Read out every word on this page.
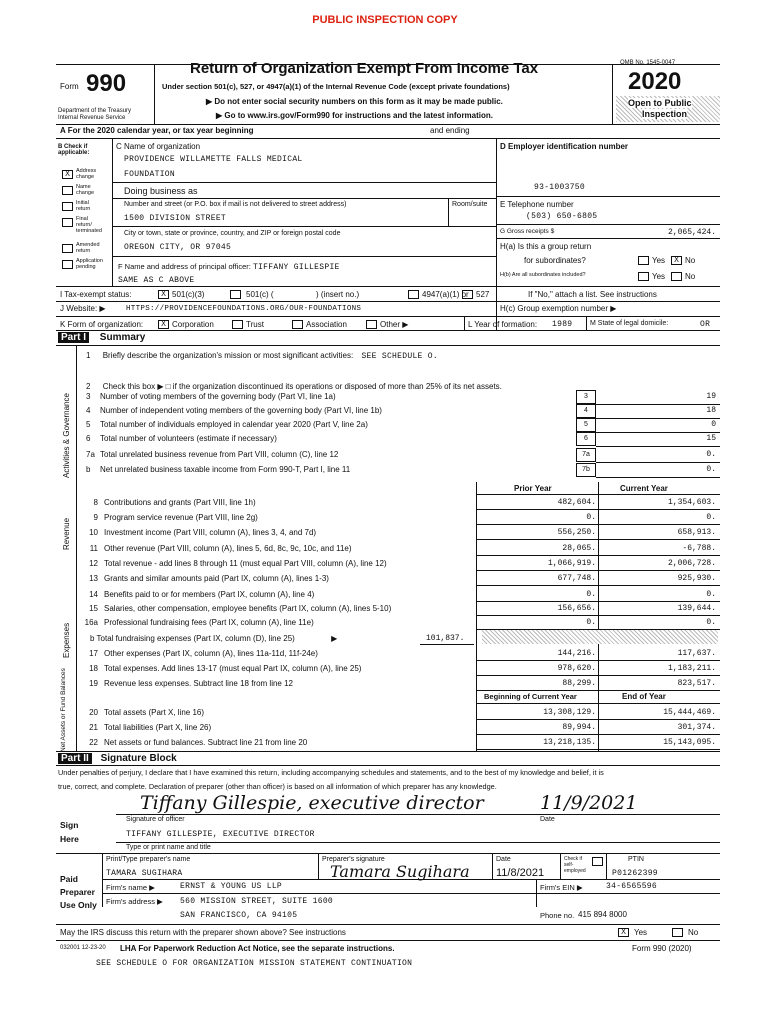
PUBLIC INSPECTION COPY
Form 990
Department of the Treasury
Internal Revenue Service
Return of Organization Exempt From Income Tax
Under section 501(c), 527, or 4947(a)(1) of the Internal Revenue Code (except private foundations)
▶ Do not enter social security numbers on this form as it may be made public.
▶ Go to www.irs.gov/Form990 for instructions and the latest information.
OMB No. 1545-0047
2020
Open to Public
Inspection
A For the 2020 calendar year, or tax year beginning	and ending
B Check if applicable:
X	Address change
Name change
Initial return
Final return/ terminated
Amended return
Application pending
C Name of organization
PROVIDENCE WILLAMETTE FALLS MEDICAL
FOUNDATION
Doing business as
Number and street (or P.O. box if mail is not delivered to street address)	Room/suite
1500 DIVISION STREET
City or town, state or province, country, and ZIP or foreign postal code
OREGON CITY, OR 97045
F Name and address of principal officer: TIFFANY GILLESPIE
SAME AS C ABOVE
D Employer identification number
93-1003750
E Telephone number
(503) 650-6805
G Gross receipts $	2,065,424.
H(a) Is this a group return
for subordinates?	Yes	X No
H(b) Are all subordinates included?	Yes No
I Tax-exempt status:	X 501(c)(3)	501(c) (	) (insert no.)	4947(a)(1) or 527	If "No," attach a list. See instructions
J Website: ▶	HTTPS://PROVIDENCEFOUNDATIONS.ORG/OUR-FOUNDATIONS	H(c) Group exemption number ▶
K Form of organization:	X Corporation	Trust	Association	Other ▶	L Year of formation: 1989	M State of legal domicile:	OR
Part I Summary
Activities & Governance
Revenue
Expenses
Net Assets or Fund Balances
1 Briefly describe the organization's mission or most significant activities: SEE SCHEDULE O.
2 Check this box ▶ □ if the organization discontinued its operations or disposed of more than 25% of its net assets.
3 Number of voting members of the governing body (Part VI, line 1a)	3	19
4 Number of independent voting members of the governing body (Part VI, line 1b)	4	18
5 Total number of individuals employed in calendar year 2020 (Part V, line 2a)	5	0
6 Total number of volunteers (estimate if necessary)	6	15
7a Total unrelated business revenue from Part VIII, column (C), line 12	7a	0.
b Net unrelated business taxable income from Form 990-T, Part I, line 11	7b	0.
8 Contributions and grants (Part VIII, line 1h)	482,604.	1,354,603.
9 Program service revenue (Part VIII, line 2g)	0.	0.
10 Investment income (Part VIII, column (A), lines 3, 4, and 7d)	556,250.	658,913.
11 Other revenue (Part VIII, column (A), lines 5, 6d, 8c, 9c, 10c, and 11e)	28,065.	-6,788.
12 Total revenue - add lines 8 through 11 (must equal Part VIII, column (A), line 12)	1,066,919.	2,006,728.
13 Grants and similar amounts paid (Part IX, column (A), lines 1-3)	677,748.	925,930.
14 Benefits paid to or for members (Part IX, column (A), line 4)	0.	0.
15 Salaries, other compensation, employee benefits (Part IX, column (A), lines 5-10)	156,656.	139,644.
16a Professional fundraising fees (Part IX, column (A), line 11e)	0.	0.
17 Other expenses (Part IX, column (A), lines 11a-11d, 11f-24e)	144,216.	117,637.
18 Total expenses. Add lines 13-17 (must equal Part IX, column (A), line 25)	978,620.	1,183,211.
19 Revenue less expenses. Subtract line 18 from line 12	88,299.	823,517.
20 Total assets (Part X, line 16)	13,308,129.	15,444,469.
21 Total liabilities (Part X, line 26)	89,994.	301,374.
22 Net assets or fund balances. Subtract line 21 from line 20	13,218,135.	15,143,095.
Prior Year	Current Year
b Total fundraising expenses (Part IX, column (D), line 25)	▶	101,837.
Beginning of Current Year	End of Year
Part II Signature Block
Under penalties of perjury, I declare that I have examined this return, including accompanying schedules and statements, and to the best of my knowledge and belief, it is
true, correct, and complete. Declaration of preparer (other than officer) is based on all information of which preparer has any knowledge.
Tiffany Gillespie, executive director	11/9/2021
Signature of officer	Date
Sign
Here	TIFFANY GILLESPIE, EXECUTIVE DIRECTOR
Type or print name and title
Paid
Preparer
Use Only
Print/Type preparer's name
TAMARA SUGIHARA
Preparer's signature
Tamara Sugihara
Date
11/8/2021
Check if self-employed
PTIN
P01262399
Firm's name ▶	ERNST & YOUNG US LLP	Firm's EIN ▶	34-6565596
Firm's address ▶ 560 MISSION STREET, SUITE 1600
SAN FRANCISCO, CA 94105	Phone no. 415 894 8000
May the IRS discuss this return with the preparer shown above? See instructions	X	Yes	No
032001 12-23-20 LHA For Paperwork Reduction Act Notice, see the separate instructions.	Form 990 (2020)
SEE SCHEDULE O FOR ORGANIZATION MISSION STATEMENT CONTINUATION
